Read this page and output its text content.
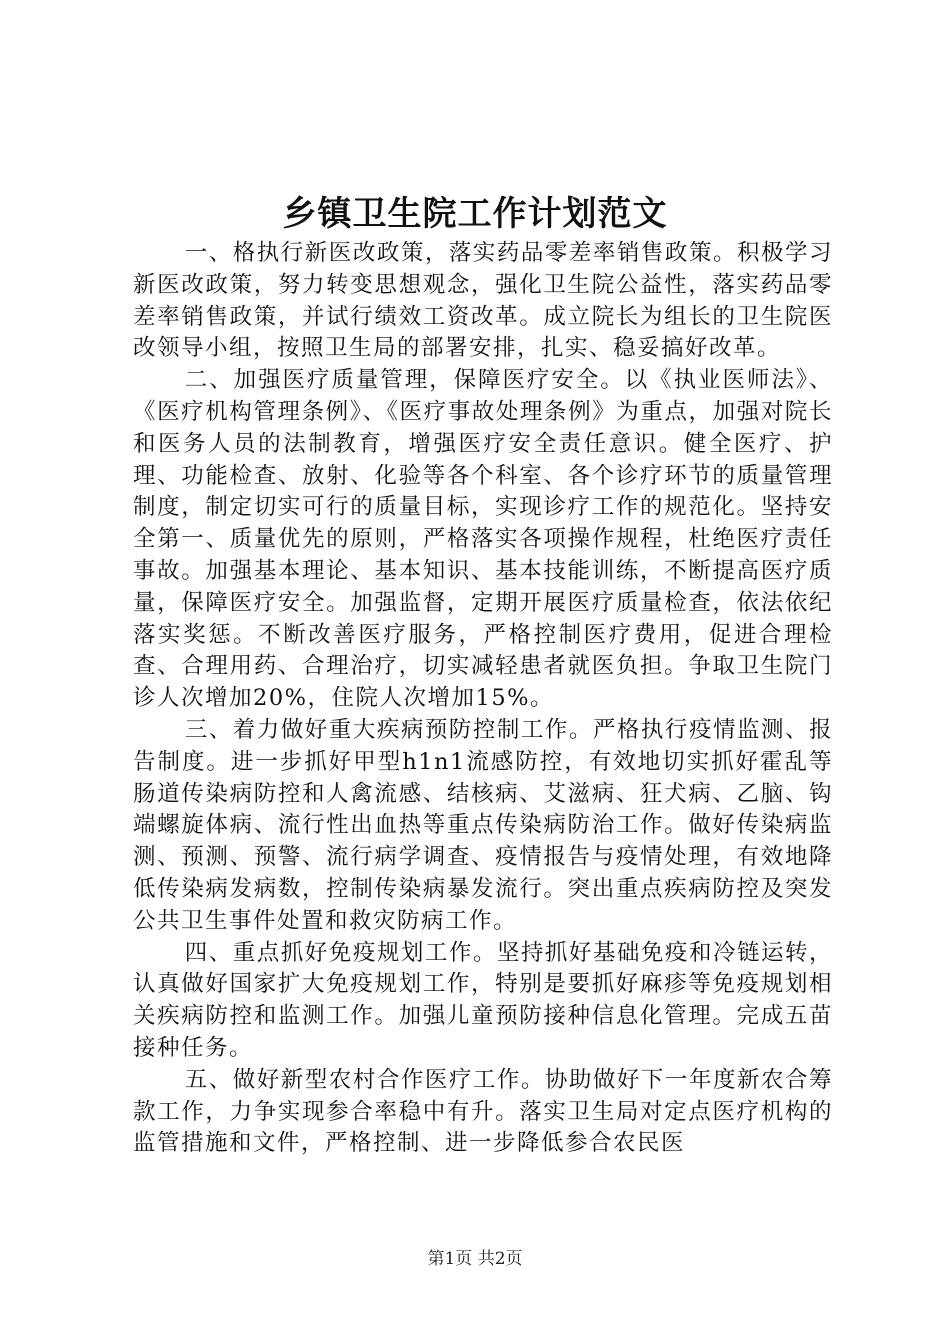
乡镇卫生院工作计划范文

一、格执行新医改政策，落实药品零差率销售政策。积极学习新医改政策，努力转变思想观念，强化卫生院公益性，落实药品零差率销售政策，并试行绩效工资改革。成立院长为组长的卫生院医改领导小组，按照卫生局的部署安排，扎实、稳妥搞好改革。

二、加强医疗质量管理，保障医疗安全。以《执业医师法》、《医疗机构管理条例》、《医疗事故处理条例》为重点，加强对院长和医务人员的法制教育，增强医疗安全责任意识。健全医疗、护理、功能检查、放射、化验等各个科室、各个诊疗环节的质量管理制度，制定切实可行的质量目标，实现诊疗工作的规范化。坚持安全第一、质量优先的原则，严格落实各项操作规程，杜绝医疗责任事故。加强基本理论、基本知识、基本技能训练，不断提高医疗质量，保障医疗安全。加强监督，定期开展医疗质量检查，依法依纪落实奖惩。不断改善医疗服务，严格控制医疗费用，促进合理检查、合理用药、合理治疗，切实减轻患者就医负担。争取卫生院门诊人次增加20%，住院人次增加15%。

三、着力做好重大疾病预防控制工作。严格执行疫情监测、报告制度。进一步抓好甲型h1n1流感防控，有效地切实抓好霍乱等肠道传染病防控和人禽流感、结核病、艾滋病、狂犬病、乙脑、钩端螺旋体病、流行性出血热等重点传染病防治工作。做好传染病监测、预测、预警、流行病学调查、疫情报告与疫情处理，有效地降低传染病发病数，控制传染病暴发流行。突出重点疾病防控及突发公共卫生事件处置和救灾防病工作。

四、重点抓好免疫规划工作。坚持抓好基础免疫和冷链运转，认真做好国家扩大免疫规划工作，特别是要抓好麻疹等免疫规划相关疾病防控和监测工作。加强儿童预防接种信息化管理。完成五苗接种任务。

五、做好新型农村合作医疗工作。协助做好下一年度新农合筹款工作，力争实现参合率稳中有升。落实卫生局对定点医疗机构的监管措施和文件，严格控制、进一步降低参合农民医

第1页 共2页
